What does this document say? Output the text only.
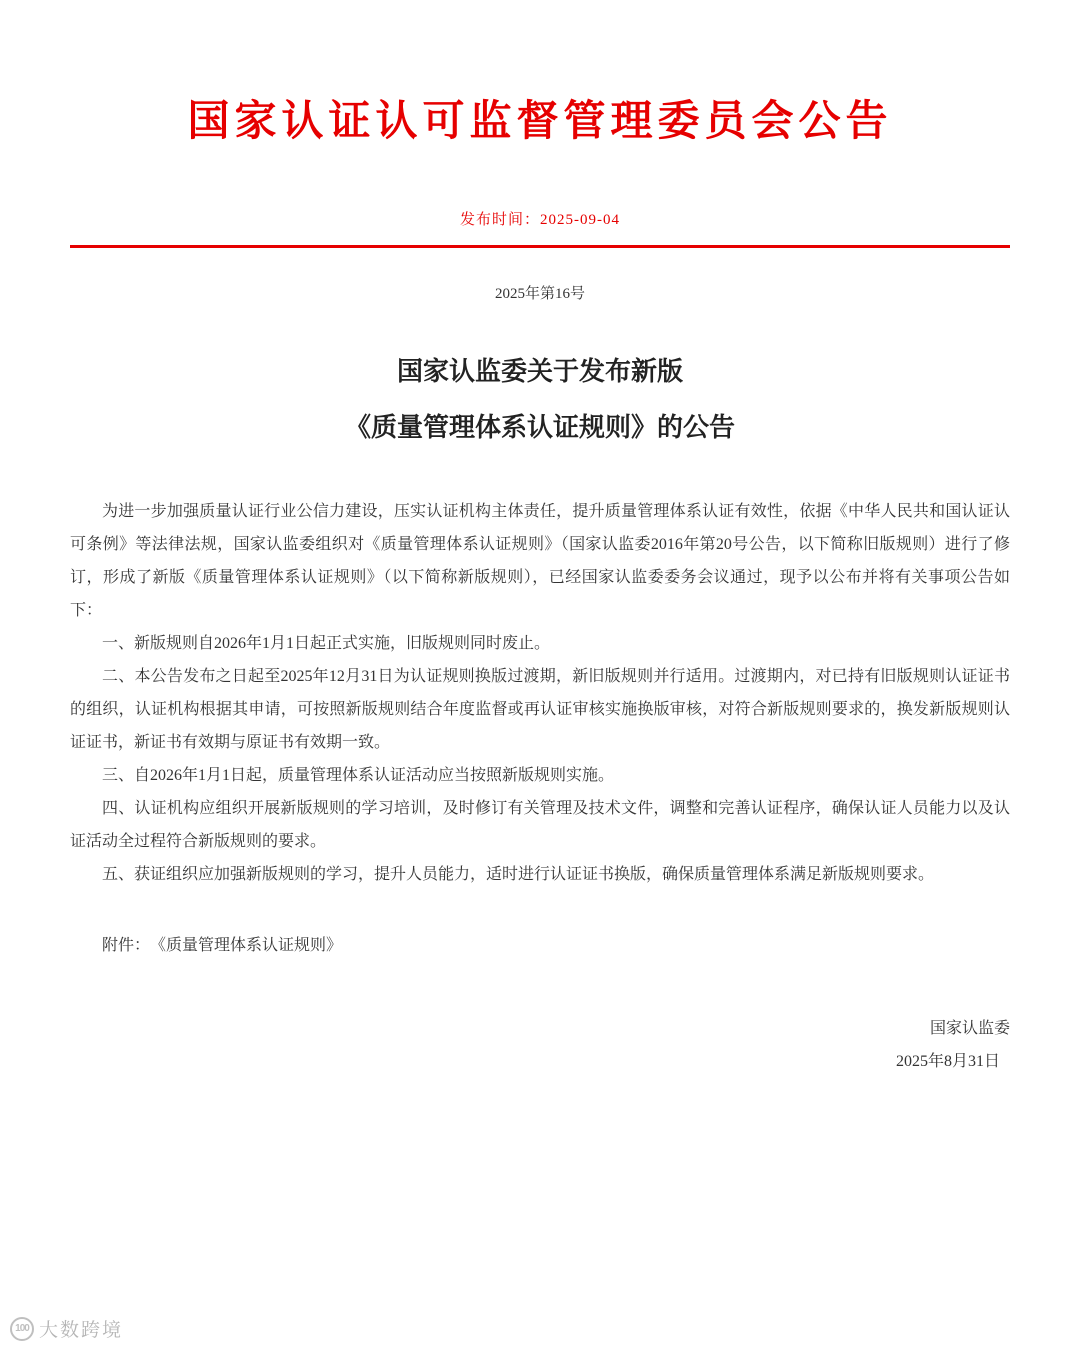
国家认证认可监督管理委员会公告
发布时间：2025-09-04
2025年第16号
国家认监委关于发布新版
《质量管理体系认证规则》的公告

为进一步加强质量认证行业公信力建设，压实认证机构主体责任，提升质量管理体系认证有效性，依据《中华人民共和国认证认可条例》等法律法规，国家认监委组织对《质量管理体系认证规则》（国家认监委2016年第20号公告，以下简称旧版规则）进行了修订，形成了新版《质量管理体系认证规则》（以下简称新版规则），已经国家认监委委务会议通过，现予以公布并将有关事项公告如下：

一、新版规则自2026年1月1日起正式实施，旧版规则同时废止。

二、本公告发布之日起至2025年12月31日为认证规则换版过渡期，新旧版规则并行适用。过渡期内，对已持有旧版规则认证证书的组织，认证机构根据其申请，可按照新版规则结合年度监督或再认证审核实施换版审核，对符合新版规则要求的，换发新版规则认证证书，新证书有效期与原证书有效期一致。

三、自2026年1月1日起，质量管理体系认证活动应当按照新版规则实施。

四、认证机构应组织开展新版规则的学习培训，及时修订有关管理及技术文件，调整和完善认证程序，确保认证人员能力以及认证活动全过程符合新版规则的要求。

五、获证组织应加强新版规则的学习，提升人员能力，适时进行认证证书换版，确保质量管理体系满足新版规则要求。

附件：　《质量管理体系认证规则》

国家认监委
2025年8月31日
100 大数跨境
